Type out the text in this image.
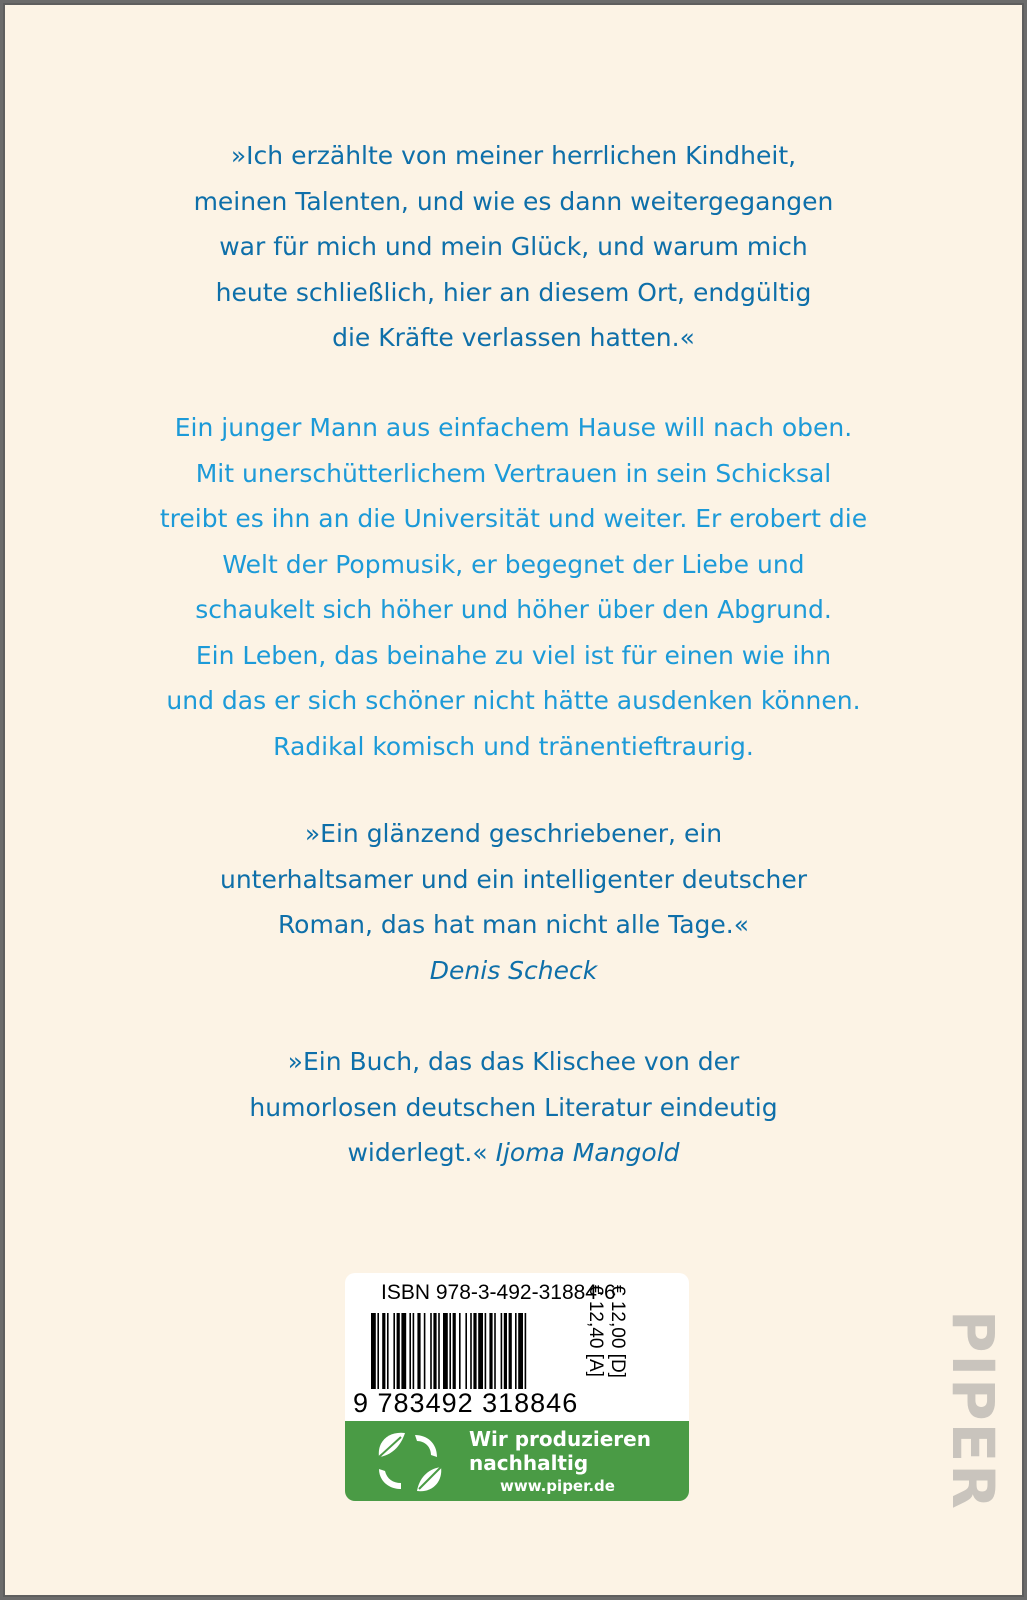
»Ich erzählte von meiner herrlichen Kindheit,

meinen Talenten, und wie es dann weitergegangen

war für mich und mein Glück, und warum mich

heute schließlich, hier an diesem Ort, endgültig

die Kräfte verlassen hatten.«

Ein junger Mann aus einfachem Hause will nach oben.

Mit unerschütterlichem Vertrauen in sein Schicksal

treibt es ihn an die Universität und weiter. Er erobert die

Welt der Popmusik, er begegnet der Liebe und

schaukelt sich höher und höher über den Abgrund.

Ein Leben, das beinahe zu viel ist für einen wie ihn

und das er sich schöner nicht hätte ausdenken können.

Radikal komisch und tränentieftraurig.

»Ein glänzend geschriebener, ein

unterhaltsamer und ein intelligenter deutscher

Roman, das hat man nicht alle Tage.«

Denis Scheck

»Ein Buch, das das Klischee von der

humorlosen deutschen Literatur eindeutig

widerlegt.« Ijoma Mangold

ISBN 978-3-492-31884-6
9 783492 318846
€ 12,00 [D]
€ 12,40 [A]
Wir produzieren
nachhaltig
www.piper.de	PIPER
